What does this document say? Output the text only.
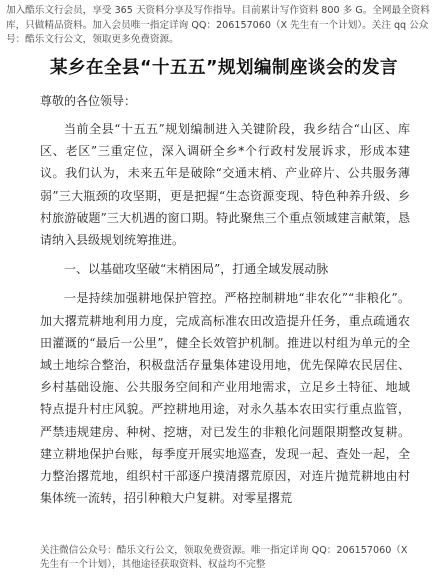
加入酷乐文行会员，享受 365 天资料分享及写作指导。目前累计写作资料 800 多 G。全网最全资料库，只做精品资料。加入会员唯一指定详询 QQ：206157060（X 先生有一个计划）。关注 qq 公众号：酷乐文行公文，领取更多免费资源。
某乡在全县“十五五”规划编制座谈会的发言
尊敬的各位领导：

当前全县“十五五”规划编制进入关键阶段，我乡结合“山区、库区、老区”三重定位，深入调研全乡*个行政村发展诉求，形成本建议。我们认为，未来五年是破除“交通末梢、产业碎片、公共服务薄弱”三大瓶颈的攻坚期，更是把握“生态资源变现、特色种养升级、乡村旅游破题”三大机遇的窗口期。特此聚焦三个重点领域建言献策，恳请纳入县级规划统筹推进。

一、以基础攻坚破“末梢困局”，打通全域发展动脉

一是持续加强耕地保护管控。严格控制耕地“非农化”“非粮化”。加大撂荒耕地利用力度，完成高标准农田改造提升任务，重点疏通农田灌溉的“最后一公里”，健全长效管护机制。推进以村组为单元的全域土地综合整治，积极盘活存量集体建设用地，优先保障农民居住、乡村基础设施、公共服务空间和产业用地需求，立足乡土特征、地域特点提升村庄风貌。严控耕地用途，对永久基本农田实行重点监管，严禁违规建房、种树、挖塘，对已发生的非粮化问题限期整改复耕。建立耕地保护台账，每季度开展实地巡查，发现一起、查处一起，全力整治撂荒地，组织村干部逐户摸清撂荒原因，对连片抛荒耕地由村集体统一流转，招引种粮大户复耕。对零星撂荒

关注微信公众号：酷乐文行公文，领取免费资源。唯一指定详询 QQ：206157060（X 先生有一个计划），其他途径获取资料、权益均不完整
